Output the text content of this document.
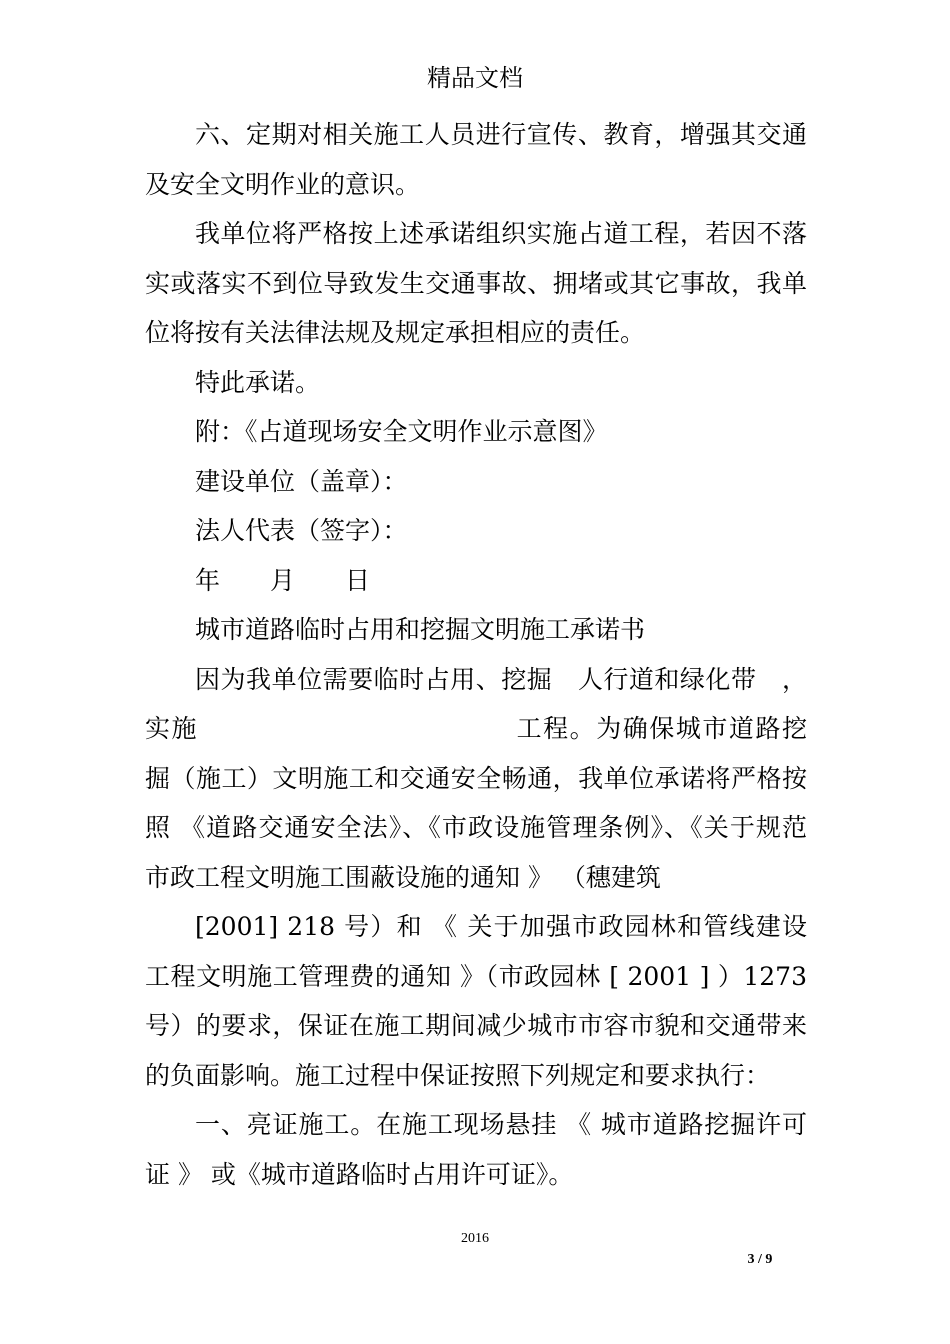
精品文档
六、定期对相关施工人员进行宣传、教育，增强其交通
及安全文明作业的意识。
我单位将严格按上述承诺组织实施占道工程，若因不落
实或落实不到位导致发生交通事故、拥堵或其它事故，我单
位将按有关法律法规及规定承担相应的责任。
特此承诺。
附：《占道现场安全文明作业示意图》
建设单位（盖章）：
法人代表（签字）：
年　　月　　日
城市道路临时占用和挖掘文明施工承诺书
因为我单位需要临时占用、挖掘　人行道和绿化带　，
实施　　　　　　　　　　　　工程。为确保城市道路挖
掘（施工）文明施工和交通安全畅通，我单位承诺将严格按
照 《道路交通安全法》、《市政设施管理条例》、《关于规范
市政工程文明施工围蔽设施的通知 》 （穗建筑
[2001] 218 号）和 《 关于加强市政园林和管线建设
工程文明施工管理费的通知 》（市政园林 [ 2001 ] ）1273
号）的要求，保证在施工期间减少城市市容市貌和交通带来
的负面影响。施工过程中保证按照下列规定和要求执行：
一、亮证施工。在施工现场悬挂 《 城市道路挖掘许可
证 》 或《城市道路临时占用许可证》。
2016
3 / 9
